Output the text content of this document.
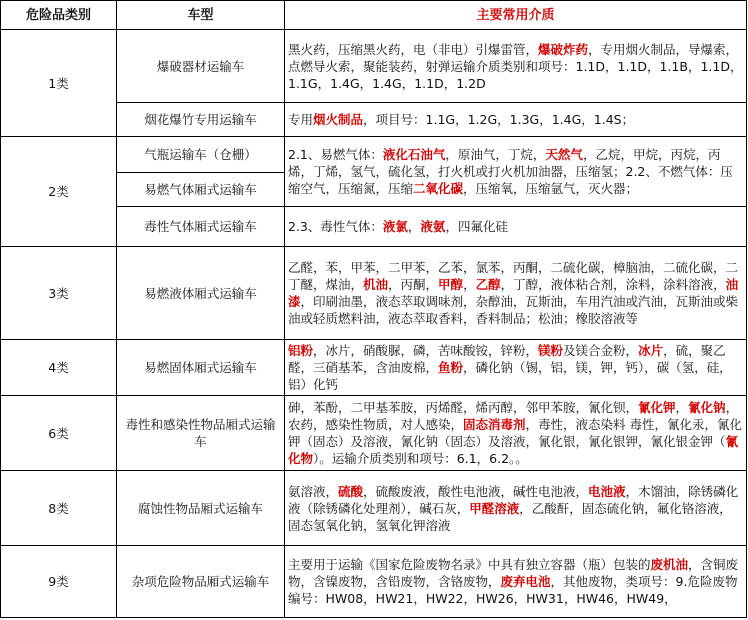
危险品类别	车型	主要常用介质
1类	爆破器材运输车	黑火药，压缩黑火药，电（非电）引爆雷管，爆破炸药，专用烟火制品，导爆索，点燃导火索，聚能装药，射弹运输介质类别和项号：1.1D，1.1D，1.1B，1.1D，1.1G，1.4G，1.4G，1.1D，1.2D
	烟花爆竹专用运输车	专用烟火制品，项目号：1.1G，1.2G，1.3G，1.4G，1.4S；
2类	气瓶运输车（仓栅）	2.1、易燃气体：液化石油气，原油气，丁烷，天然气，乙烷，甲烷，丙烷，丙烯，丁烯，氢气，硫化氢，打火机或打火机加油器，压缩氢；2.2、不燃气体：压缩空气，压缩氮，压缩二氧化碳，压缩氧，压缩氩气，灭火器；
	易燃气体厢式运输车	
	毒性气体厢式运输车	2.3、毒性气体：液氯，液氨，四氟化硅
3类	易燃液体厢式运输车	乙醛，苯，甲苯，二甲苯，乙苯，氯苯，丙酮，二硫化碳，樟脑油，二硫化碳，二丁醚，煤油，机油，丙酮，甲醇，乙醇，丁醇，液体粘合剂，涂料，涂料溶液，油漆，印刷油墨，液态萃取调味剂，杂醇油，瓦斯油，车用汽油或汽油，瓦斯油或柴油或轻质燃料油，液态萃取香料，香料制品；松油；橡胶溶液等
4类	易燃固体厢式运输车	铝粉，冰片，硝酸脲，磷，苦味酸铵，锌粉，镁粉及镁合金粉，冰片，硫，聚乙醛，三硝基苯，含油废棉，鱼粉，磷化钠（锡，铝，镁，钾，钙），碳（氢，硅，铝）化钙
6类	毒性和感染性物品厢式运输车	砷，苯酚，二甲基苯胺，丙烯醛，烯丙醇，邻甲苯胺，氰化钡，氰化钾，氰化钠，农药，感染性物质，对人感染，固态消毒剂，毒性，液态染料 毒性，氰化汞，氰化钾（固态）及溶液，氰化钠（固态）及溶液，氰化银，氰化银钾，氰化银金钾（氰化物）。运输介质类别和项号：6.1，6.2。。
8类	腐蚀性物品厢式运输车	氨溶液，硫酸，硫酸废液，酸性电池液，碱性电池液，电池液，木馏油，除锈磷化液（除锈磷化处理剂），碱石灰，甲醛溶液，乙酸酐，固态硫化钠，氟化铬溶液，固态氢氧化钠，氢氧化钾溶液
9类	杂项危险物品厢式运输车	主要用于运输《国家危险废物名录》中具有独立容器（瓶）包装的废机油，含铜废物，含镍废物，含铅废物，含铬废物，废弃电池，其他废物，类项号：9.危险废物编号：HW08，HW21，HW22，HW26，HW31，HW46，HW49，
